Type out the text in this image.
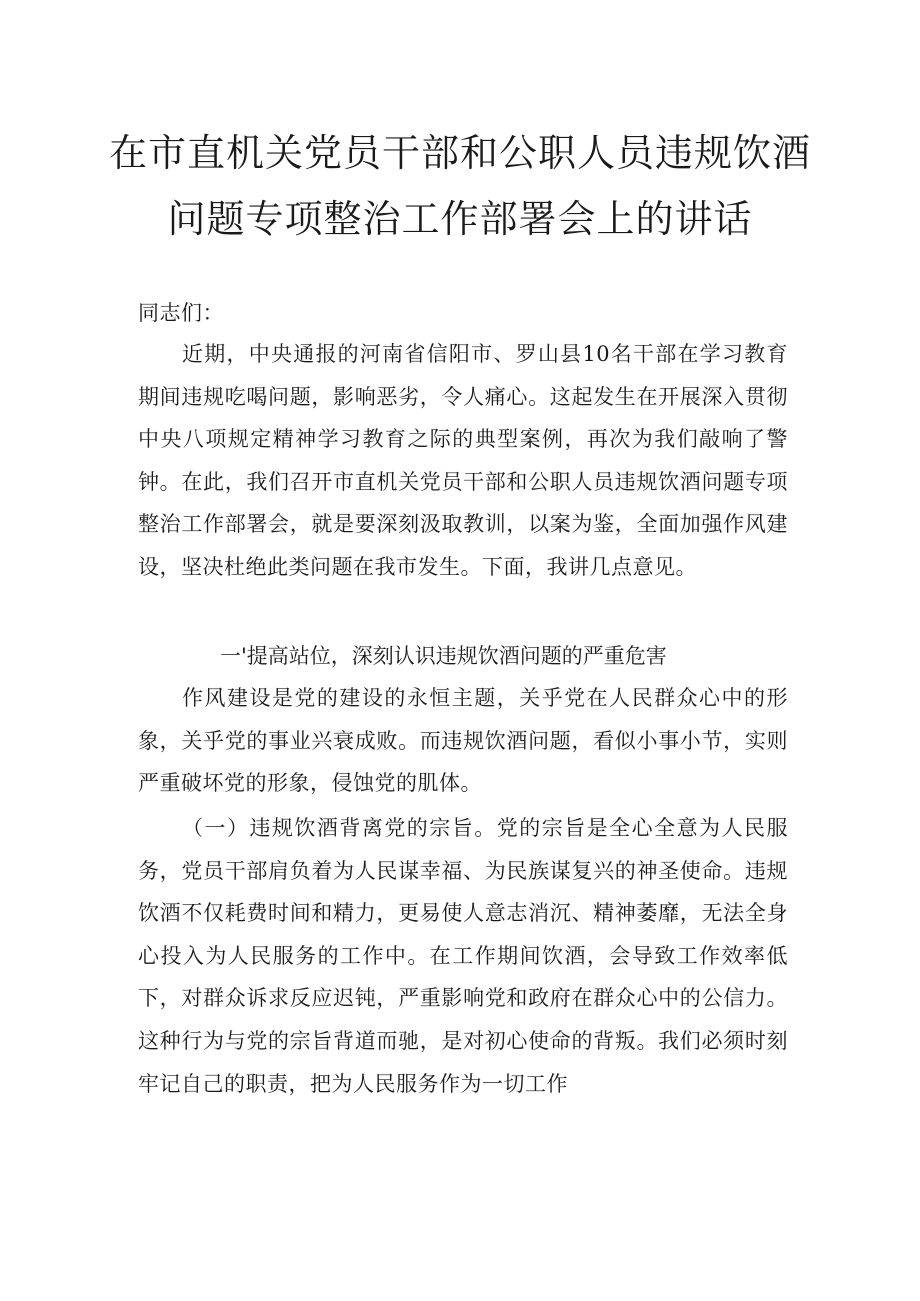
在市直机关党员干部和公职人员违规饮酒
问题专项整治工作部署会上的讲话

同志们：

近期，中央通报的河南省信阳市、罗山县10名干部在学习教育期间违规吃喝问题，影响恶劣，令人痛心。这起发生在开展深入贯彻中央八项规定精神学习教育之际的典型案例，再次为我们敲响了警钟。在此，我们召开市直机关党员干部和公职人员违规饮酒问题专项整治工作部署会，就是要深刻汲取教训，以案为鉴，全面加强作风建设，坚决杜绝此类问题在我市发生。下面，我讲几点意见。

一'提高站位，深刻认识违规饮酒问题的严重危害

作风建设是党的建设的永恒主题，关乎党在人民群众心中的形象，关乎党的事业兴衰成败。而违规饮酒问题，看似小事小节，实则严重破坏党的形象，侵蚀党的肌体。

（一）违规饮酒背离党的宗旨。党的宗旨是全心全意为人民服务，党员干部肩负着为人民谋幸福、为民族谋复兴的神圣使命。违规饮酒不仅耗费时间和精力，更易使人意志消沉、精神萎靡，无法全身心投入为人民服务的工作中。在工作期间饮酒，会导致工作效率低下，对群众诉求反应迟钝，严重影响党和政府在群众心中的公信力。这种行为与党的宗旨背道而驰，是对初心使命的背叛。我们必须时刻牢记自己的职责，把为人民服务作为一切工作
